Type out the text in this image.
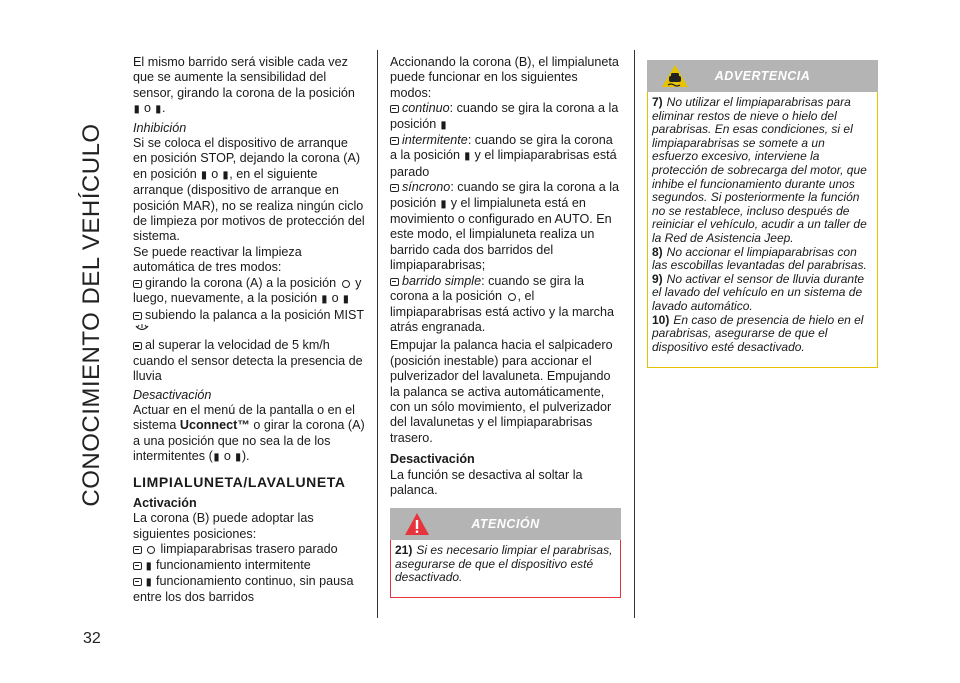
CONOCIMIENTO DEL VEHÍCULO
32

El mismo barrido será visible cada vez que se aumente la sensibilidad del sensor, girando la corona de la posición ▮ o ▮.

Inhibición

Si se coloca el dispositivo de arranque en posición STOP, dejando la corona (A) en posición ▮ o ▮, en el siguiente arranque (dispositivo de arranque en posición MAR), no se realiza ningún ciclo de limpieza por motivos de protección del sistema.

Se puede reactivar la limpieza automática de tres modos:

girando la corona (A) a la posición y luego, nuevamente, a la posición ▮ o ▮

subiendo la palanca a la posición MIST

al superar la velocidad de 5 km/h cuando el sensor detecta la presencia de lluvia

Desactivación

Actuar en el menú de la pantalla o en el sistema Uconnect™ o girar la corona (A) a una posición que no sea la de los intermitentes (▮ o ▮).

LIMPIALUNETA/LAVALUNETA

Activación

La corona (B) puede adoptar las siguientes posiciones:

limpiaparabrisas trasero parado

▮ funcionamiento intermitente

▮ funcionamiento continuo, sin pausa entre los dos barridos

Accionando la corona (B), el limpialuneta puede funcionar en los siguientes modos:

continuo: cuando se gira la corona a la posición ▮

intermitente: cuando se gira la corona a la posición ▮ y el limpiaparabrisas está parado

síncrono: cuando se gira la corona a la posición ▮ y el limpialuneta está en movimiento o configurado en AUTO. En este modo, el limpialuneta realiza un barrido cada dos barridos del limpiaparabrisas;

barrido simple: cuando se gira la corona a la posición , el limpiaparabrisas está activo y la marcha atrás engranada.

Empujar la palanca hacia el salpicadero (posición inestable) para accionar el pulverizador del lavaluneta. Empujando la palanca se activa automáticamente, con un sólo movimiento, el pulverizador del lavalunetas y el limpiaparabrisas trasero.

Desactivación

La función se desactiva al soltar la palanca.

ATENCIÓN

21) Si es necesario limpiar el parabrisas, asegurarse de que el dispositivo esté desactivado.

ADVERTENCIA

7) No utilizar el limpiaparabrisas para eliminar restos de nieve o hielo del parabrisas. En esas condiciones, si el limpiaparabrisas se somete a un esfuerzo excesivo, interviene la protección de sobrecarga del motor, que inhibe el funcionamiento durante unos segundos. Si posteriormente la función no se restablece, incluso después de reiniciar el vehículo, acudir a un taller de la Red de Asistencia Jeep.

8) No accionar el limpiaparabrisas con las escobillas levantadas del parabrisas.

9) No activar el sensor de lluvia durante el lavado del vehículo en un sistema de lavado automático.

10) En caso de presencia de hielo en el parabrisas, asegurarse de que el dispositivo esté desactivado.
